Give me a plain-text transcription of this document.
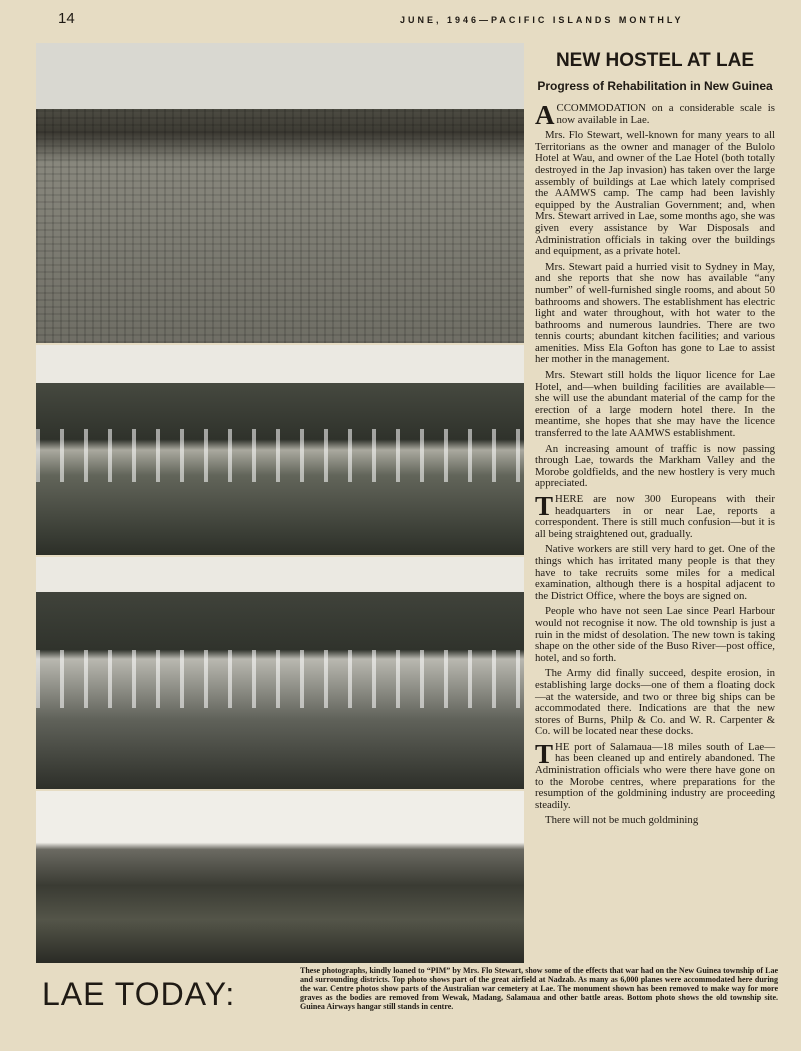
14	JUNE, 1946—PACIFIC ISLANDS MONTHLY
NEW HOSTEL AT LAE
Progress of Rehabilitation in New Guinea

ACCOMMODATION on a considerable scale is now available in Lae.

Mrs. Flo Stewart, well-known for many years to all Territorians as the owner and manager of the Bulolo Hotel at Wau, and owner of the Lae Hotel (both totally destroyed in the Jap invasion) has taken over the large assembly of buildings at Lae which lately comprised the AAMWS camp. The camp had been lavishly equipped by the Australian Government; and, when Mrs. Stewart arrived in Lae, some months ago, she was given every assistance by War Disposals and Administration officials in taking over the buildings and equipment, as a private hotel.

Mrs. Stewart paid a hurried visit to Sydney in May, and she reports that she now has available “any number” of well-furnished single rooms, and about 50 bathrooms and showers. The establishment has electric light and water throughout, with hot water to the bathrooms and numerous laundries. There are two tennis courts; abundant kitchen facilities; and various amenities. Miss Ela Gofton has gone to Lae to assist her mother in the management.

Mrs. Stewart still holds the liquor licence for Lae Hotel, and—when building facilities are available—she will use the abundant material of the camp for the erection of a large modern hotel there. In the meantime, she hopes that she may have the licence transferred to the late AAMWS establishment.

An increasing amount of traffic is now passing through Lae, towards the Markham Valley and the Morobe goldfields, and the new hostlery is very much appreciated.

THERE are now 300 Europeans with their headquarters in or near Lae, reports a correspondent. There is still much confusion—but it is all being straightened out, gradually.

Native workers are still very hard to get. One of the things which has irritated many people is that they have to take recruits some miles for a medical examination, although there is a hospital adjacent to the District Office, where the boys are signed on.

People who have not seen Lae since Pearl Harbour would not recognise it now. The old township is just a ruin in the midst of desolation. The new town is taking shape on the other side of the Buso River—post office, hotel, and so forth.

The Army did finally succeed, despite erosion, in establishing large docks—one of them a floating dock—at the waterside, and two or three big ships can be accommodated there. Indications are that the new stores of Burns, Philp & Co. and W. R. Carpenter & Co. will be located near these docks.

THE port of Salamaua—18 miles south of Lae—has been cleaned up and entirely abandoned. The Administration officials who were there have gone on to the Morobe centres, where preparations for the resumption of the goldmining industry are proceeding steadily.

There will not be much goldmining

LAE TODAY:
These photographs, kindly loaned to “PIM” by Mrs. Flo Stewart, show some of the effects that war had on the New Guinea township of Lae and surrounding districts. Top photo shows part of the great airfield at Nadzab. As many as 6,000 planes were accommodated here during the war. Centre photos show parts of the Australian war cemetery at Lae. The monument shown has been removed to make way for more graves as the bodies are removed from Wewak, Madang, Salamaua and other battle areas. Bottom photo shows the old township site. Guinea Airways hangar still stands in centre.
